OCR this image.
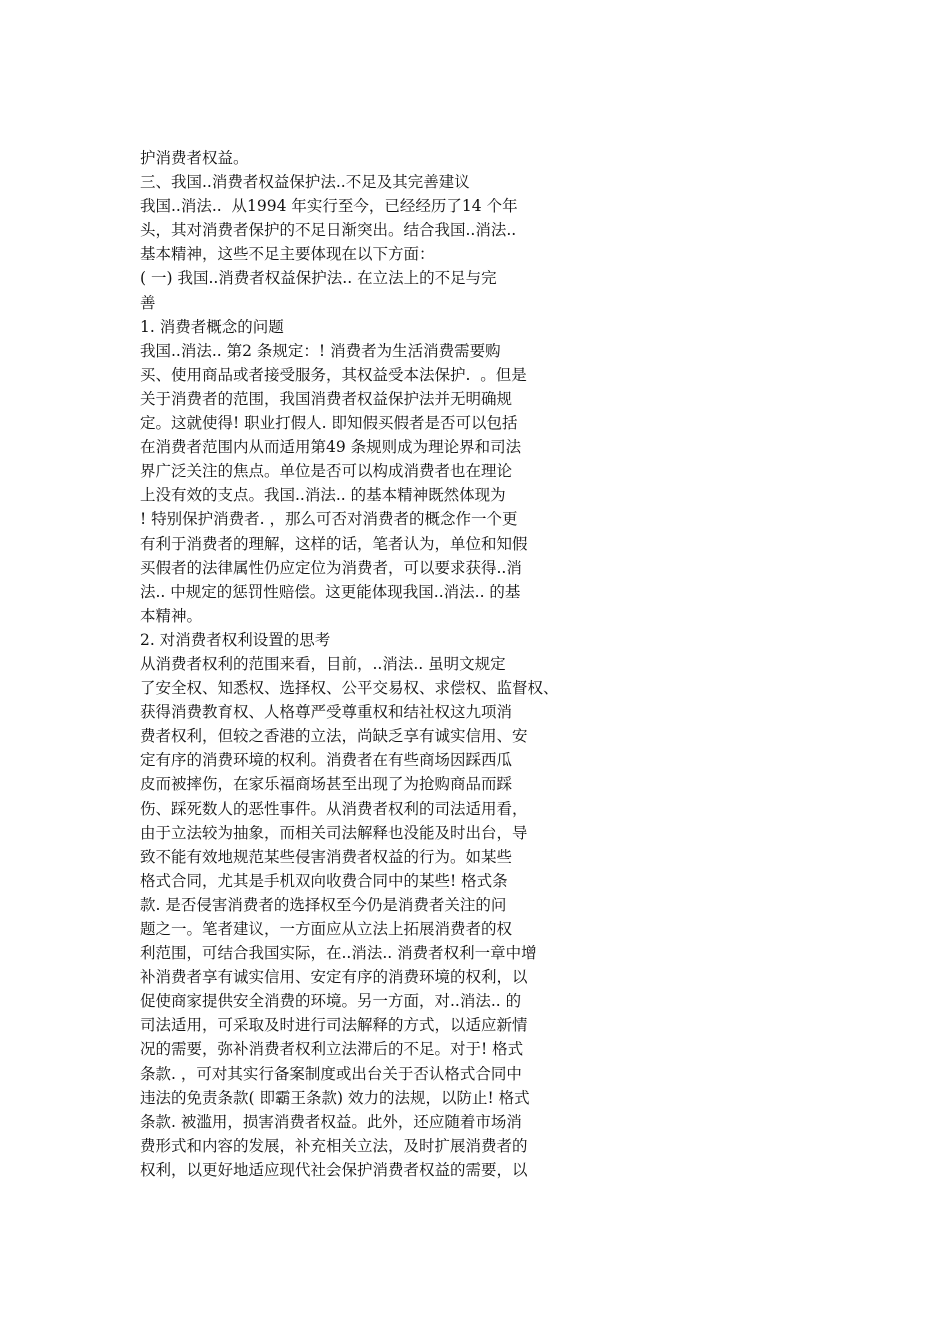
护消费者权益。
三、我国..消费者权益保护法..不足及其完善建议
我国..消法..  从1994 年实行至今，已经经历了14 个年
头，其对消费者保护的不足日渐突出。结合我国..消法..
基本精神，这些不足主要体现在以下方面：
( 一) 我国..消费者权益保护法.. 在立法上的不足与完
善
1. 消费者概念的问题
我国..消法.. 第2 条规定：! 消费者为生活消费需要购
买、使用商品或者接受服务，其权益受本法保护.  。但是
关于消费者的范围，我国消费者权益保护法并无明确规
定。这就使得! 职业打假人. 即知假买假者是否可以包括
在消费者范围内从而适用第49 条规则成为理论界和司法
界广泛关注的焦点。单位是否可以构成消费者也在理论
上没有效的支点。我国..消法.. 的基本精神既然体现为
! 特别保护消费者. ，那么可否对消费者的概念作一个更
有利于消费者的理解，这样的话，笔者认为，单位和知假
买假者的法律属性仍应定位为消费者，可以要求获得..消
法.. 中规定的惩罚性赔偿。这更能体现我国..消法.. 的基
本精神。
2. 对消费者权利设置的思考
从消费者权利的范围来看，目前，..消法.. 虽明文规定
了安全权、知悉权、选择权、公平交易权、求偿权、监督权、
获得消费教育权、人格尊严受尊重权和结社权这九项消
费者权利，但较之香港的立法，尚缺乏享有诚实信用、安
定有序的消费环境的权利。消费者在有些商场因踩西瓜
皮而被摔伤，在家乐福商场甚至出现了为抢购商品而踩
伤、踩死数人的恶性事件。从消费者权利的司法适用看，
由于立法较为抽象，而相关司法解释也没能及时出台，导
致不能有效地规范某些侵害消费者权益的行为。如某些
格式合同，尤其是手机双向收费合同中的某些! 格式条
款. 是否侵害消费者的选择权至今仍是消费者关注的问
题之一。笔者建议，一方面应从立法上拓展消费者的权
利范围，可结合我国实际，在..消法.. 消费者权利一章中增
补消费者享有诚实信用、安定有序的消费环境的权利，以
促使商家提供安全消费的环境。另一方面，对..消法.. 的
司法适用，可采取及时进行司法解释的方式，以适应新情
况的需要，弥补消费者权利立法滞后的不足。对于! 格式
条款. ，可对其实行备案制度或出台关于否认格式合同中
违法的免责条款( 即霸王条款) 效力的法规，以防止! 格式
条款. 被滥用，损害消费者权益。此外，还应随着市场消
费形式和内容的发展，补充相关立法，及时扩展消费者的
权利，以更好地适应现代社会保护消费者权益的需要，以
